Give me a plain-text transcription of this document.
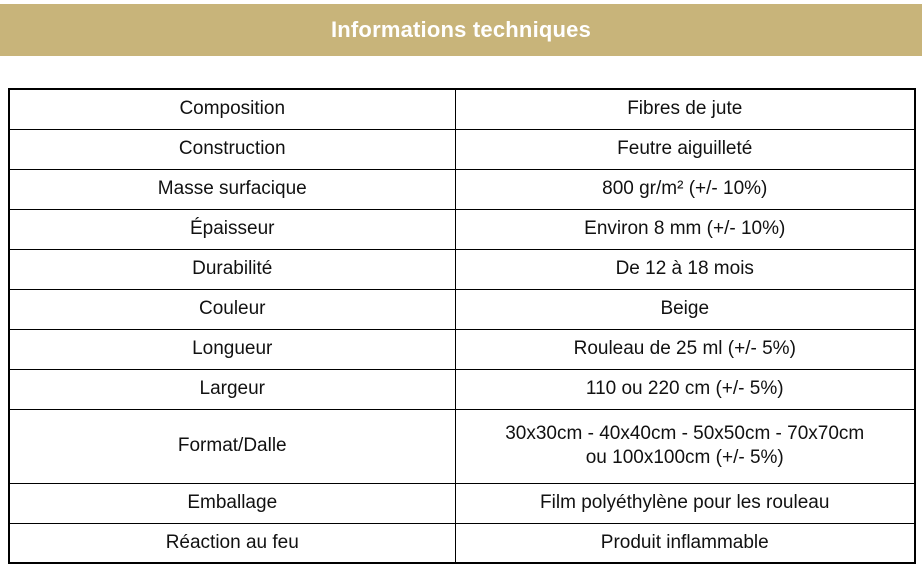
Informations techniques
Composition	Fibres de jute
Construction	Feutre aiguilleté
Masse surfacique	800 gr/m² (+/- 10%)
Épaisseur	Environ 8 mm (+/- 10%)
Durabilité	De 12 à 18 mois
Couleur	Beige
Longueur	Rouleau de 25 ml (+/- 5%)
Largeur	110 ou 220 cm (+/- 5%)
Format/Dalle	30x30cm - 40x40cm - 50x50cm - 70x70cm
ou 100x100cm (+/- 5%)

Emballage	Film polyéthylène pour les rouleau
Réaction au feu	Produit inflammable
